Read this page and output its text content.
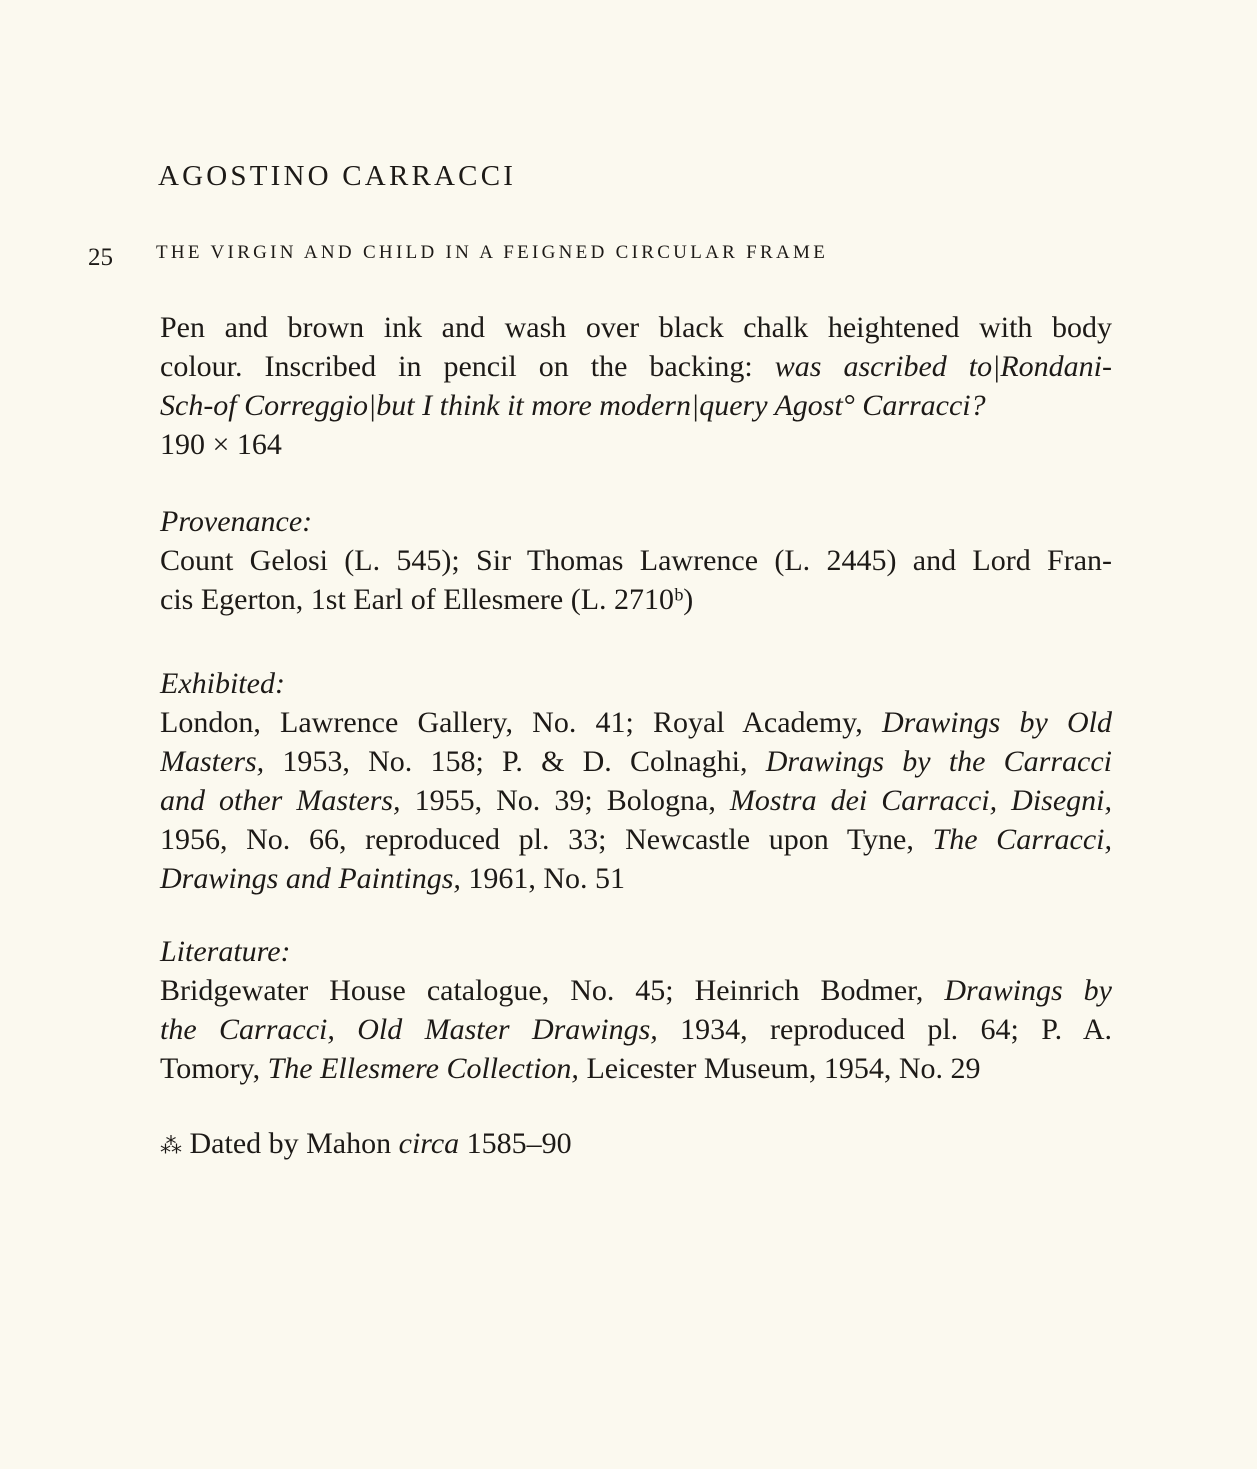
AGOSTINO CARRACCI
25 THE VIRGIN AND CHILD IN A FEIGNED CIRCULAR FRAME
Pen and brown ink and wash over black chalk heightened with body
colour. Inscribed in pencil on the backing: was ascribed to|Rondani-
Sch-of Correggio|but I think it more modern|query Agost° Carracci?
190 × 164
Provenance:
Count Gelosi (L. 545); Sir Thomas Lawrence (L. 2445) and Lord Fran-
cis Egerton, 1st Earl of Ellesmere (L. 2710ᵇ)
Exhibited:
London, Lawrence Gallery, No. 41; Royal Academy, Drawings by Old
Masters, 1953, No. 158; P. & D. Colnaghi, Drawings by the Carracci
and other Masters, 1955, No. 39; Bologna, Mostra dei Carracci, Disegni,
1956, No. 66, reproduced pl. 33; Newcastle upon Tyne, The Carracci,
Drawings and Paintings, 1961, No. 51
Literature:
Bridgewater House catalogue, No. 45; Heinrich Bodmer, Drawings by
the Carracci, Old Master Drawings, 1934, reproduced pl. 64; P. A.
Tomory, The Ellesmere Collection, Leicester Museum, 1954, No. 29
⁂ Dated by Mahon circa 1585–90
